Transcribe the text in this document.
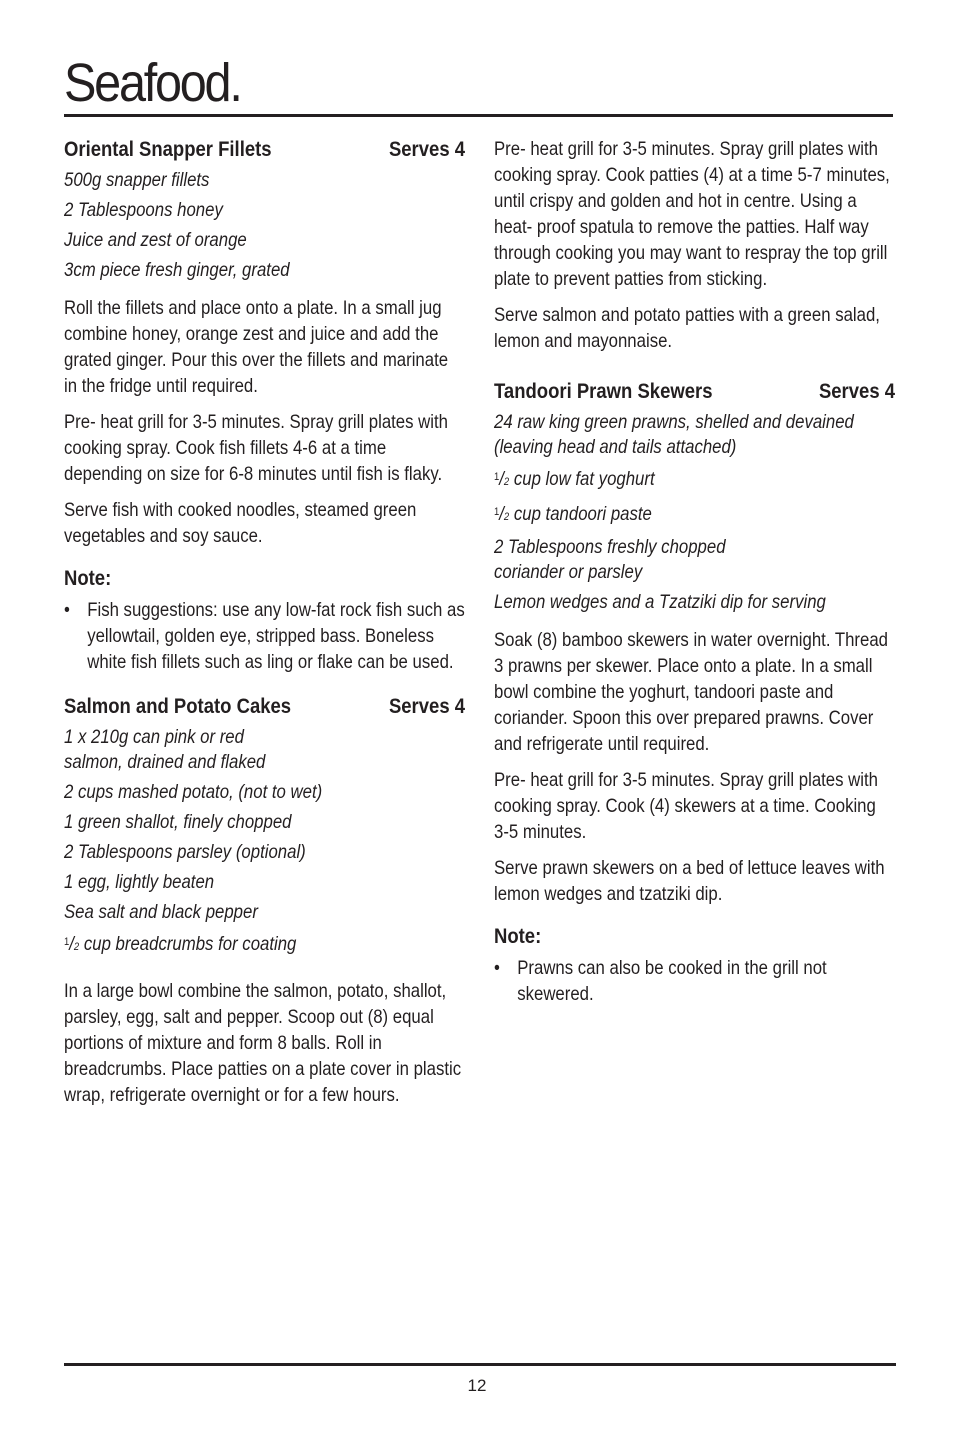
Seafood.
Oriental Snapper Fillets	Serves 4
500g snapper fillets
2 Tablespoons honey
Juice and zest of orange
3cm piece fresh ginger, grated

Roll the fillets and place onto a plate. In a small jug combine honey, orange zest and juice and add the grated ginger. Pour this over the fillets and marinate in the fridge until required.

Pre- heat grill for 3-5 minutes. Spray grill plates with cooking spray. Cook fish fillets 4-6 at a time depending on size for 6-8 minutes until fish is flaky.

Serve fish with cooked noodles, steamed green vegetables and soy sauce.

Note:
• Fish suggestions: use any low-fat rock fish such as yellowtail, golden eye, stripped bass. Boneless white fish fillets such as ling or flake can be used.
Salmon and Potato Cakes	Serves 4
1 x 210g can pink or red salmon, drained and flaked
2 cups mashed potato, (not to wet)
1 green shallot, finely chopped
2 Tablespoons parsley (optional)
1 egg, lightly beaten
Sea salt and black pepper
$^1$/2 cup breadcrumbs for coating

In a large bowl combine the salmon, potato, shallot, parsley, egg, salt and pepper. Scoop out (8) equal portions of mixture and form 8 balls. Roll in breadcrumbs. Place patties on a plate cover in plastic wrap, refrigerate overnight or for a few hours.

Pre- heat grill for 3-5 minutes. Spray grill plates with cooking spray. Cook patties (4) at a time 5-7 minutes, until crispy and golden and hot in centre. Using a heat- proof spatula to remove the patties. Half way through cooking you may want to respray the top grill plate to prevent patties from sticking.

Serve salmon and potato patties with a green salad, lemon and mayonnaise.

Tandoori Prawn Skewers	Serves 4
24 raw king green prawns, shelled and devained (leaving head and tails attached)
$^1$/2 cup low fat yoghurt
$^1$/2 cup tandoori paste
2 Tablespoons freshly chopped coriander or parsley
Lemon wedges and a Tzatziki dip for serving

Soak (8) bamboo skewers in water overnight. Thread 3 prawns per skewer. Place onto a plate. In a small bowl combine the yoghurt, tandoori paste and coriander. Spoon this over prepared prawns. Cover and refrigerate until required.

Pre- heat grill for 3-5 minutes. Spray grill plates with cooking spray. Cook (4) skewers at a time. Cooking 3-5 minutes.

Serve prawn skewers on a bed of lettuce leaves with lemon wedges and tzatziki dip.

Note:
• Prawns can also be cooked in the grill not skewered.
12
